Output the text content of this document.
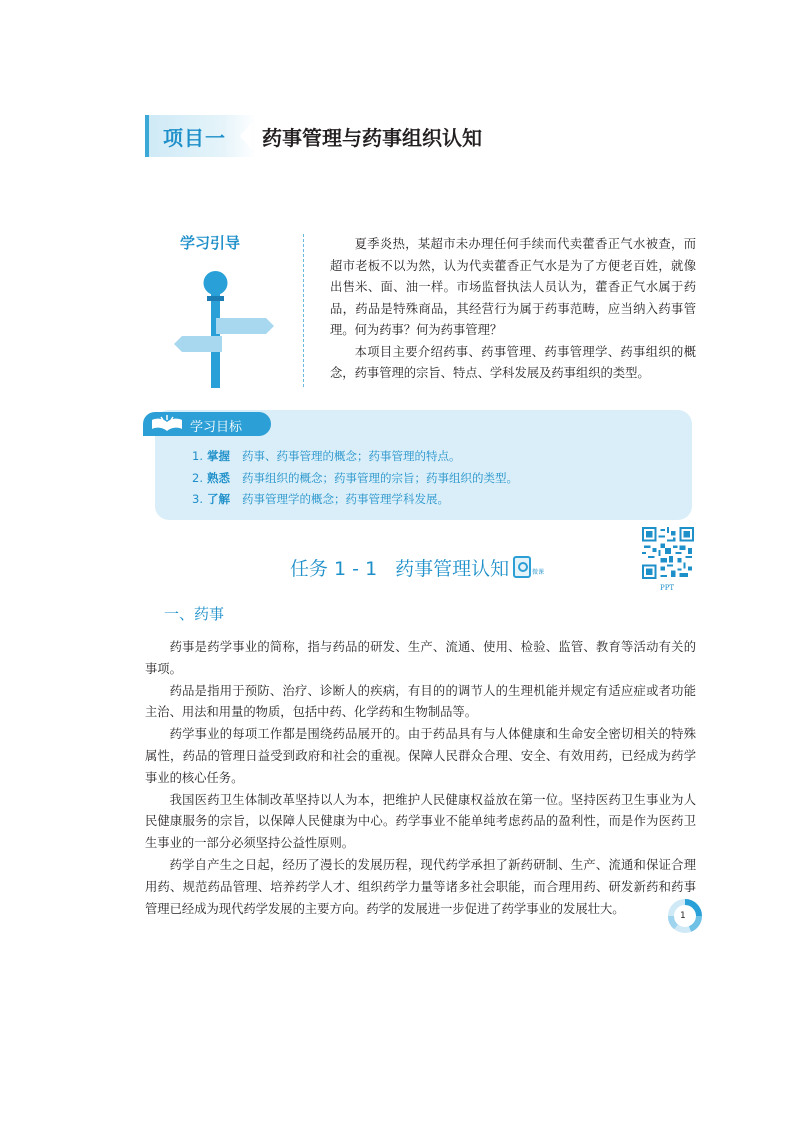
项目一 药事管理与药事组织认知
学习引导	夏季炎热，某超市未办理任何手续而代卖藿香正气水被查，而超市老板不以为然，认为代卖藿香正气水是为了方便老百姓，就像出售米、面、油一样。市场监督执法人员认为，藿香正气水属于药品，药品是特殊商品，其经营行为属于药事范畴，应当纳入药事管理。何为药事？何为药事管理？

本项目主要介绍药事、药事管理、药事管理学、药事组织的概念，药事管理的宗旨、特点、学科发展及药事组织的类型。

学习目标
1. 掌握 药事、药事管理的概念；药事管理的特点。
2. 熟悉 药事组织的概念；药事管理的宗旨；药事组织的类型。
3. 了解 药事管理学的概念；药事管理学科发展。
任务 1 - 1 药事管理认知	微课
PPT
一、药事

药事是药学事业的简称，指与药品的研发、生产、流通、使用、检验、监管、教育等活动有关的事项。

药品是指用于预防、治疗、诊断人的疾病，有目的的调节人的生理机能并规定有适应症或者功能主治、用法和用量的物质，包括中药、化学药和生物制品等。

药学事业的每项工作都是围绕药品展开的。由于药品具有与人体健康和生命安全密切相关的特殊属性，药品的管理日益受到政府和社会的重视。保障人民群众合理、安全、有效用药，已经成为药学事业的核心任务。

我国医药卫生体制改革坚持以人为本，把维护人民健康权益放在第一位。坚持医药卫生事业为人民健康服务的宗旨，以保障人民健康为中心。药学事业不能单纯考虑药品的盈利性，而是作为医药卫生事业的一部分必须坚持公益性原则。

药学自产生之日起，经历了漫长的发展历程，现代药学承担了新药研制、生产、流通和保证合理用药、规范药品管理、培养药学人才、组织药学力量等诸多社会职能，而合理用药、研发新药和药事管理已经成为现代药学发展的主要方向。药学的发展进一步促进了药学事业的发展壮大。

1
